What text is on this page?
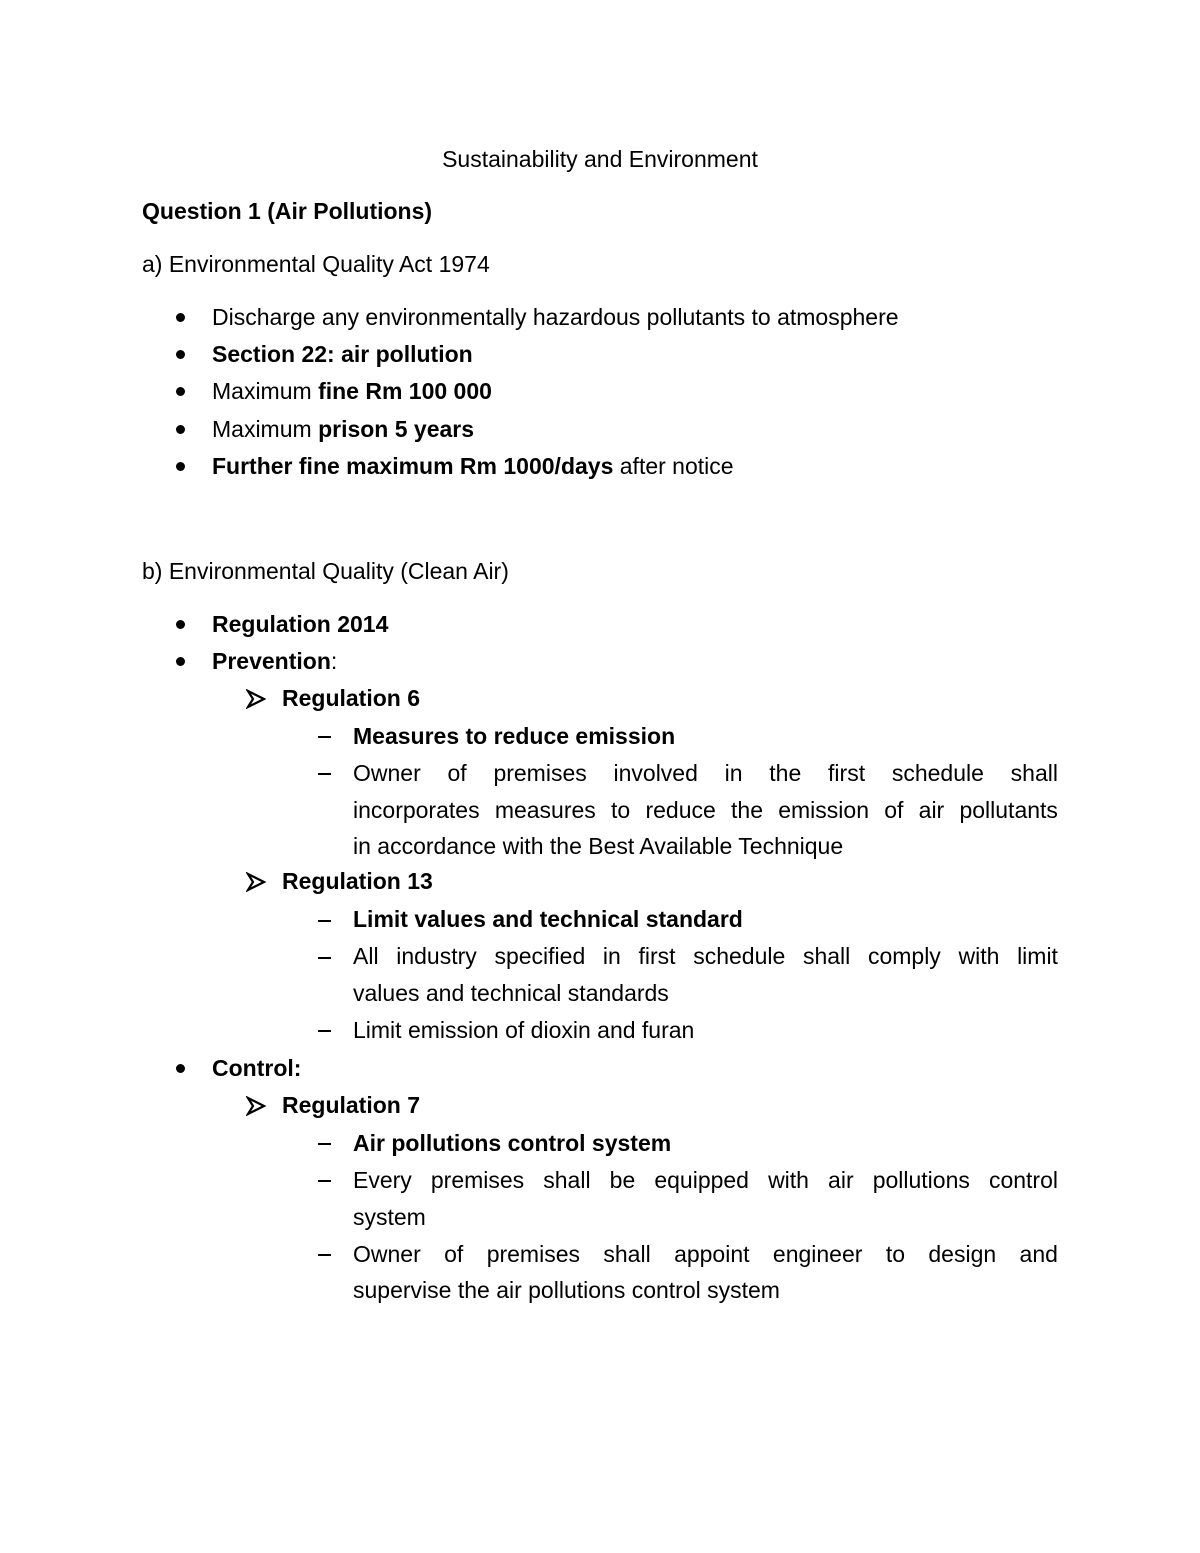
Sustainability and Environment
Question 1 (Air Pollutions)
a) Environmental Quality Act 1974
Discharge any environmentally hazardous pollutants to atmosphere
Section 22: air pollution
Maximum fine Rm 100 000
Maximum prison 5 years
Further fine maximum Rm 1000/days after notice
b) Environmental Quality (Clean Air)
Regulation 2014
Prevention:
Regulation 6
Measures to reduce emission
Owner of premises involved in the first schedule shall
incorporates measures to reduce the emission of air pollutants
in accordance with the Best Available Technique
Regulation 13
Limit values and technical standard
All industry specified in first schedule shall comply with limit
values and technical standards
Limit emission of dioxin and furan
Control:
Regulation 7
Air pollutions control system
Every premises shall be equipped with air pollutions control
system
Owner of premises shall appoint engineer to design and
supervise the air pollutions control system
